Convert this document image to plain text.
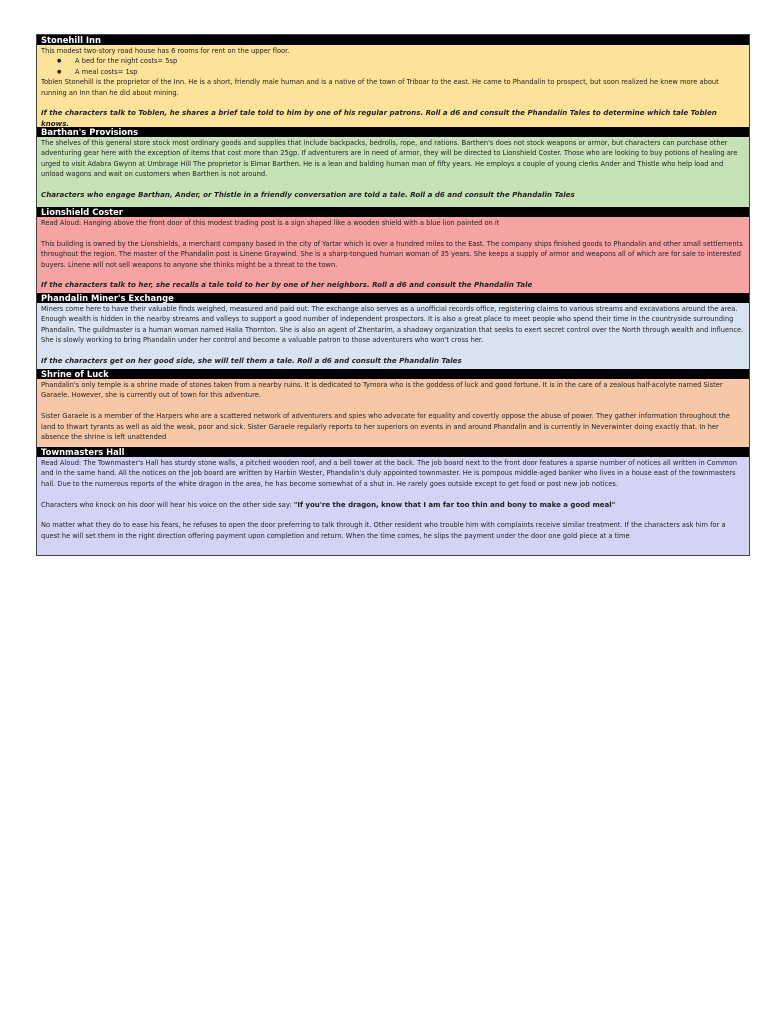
Stonehill Inn

This modest two-story road house has 6 rooms for rent on the upper floor.

● A bed for the night costs= 5sp

● A meal costs= 1sp

Toblen Stonehill is the proprietor of the Inn. He is a short, friendly male human and is a native of the town of Triboar to the east. He came to Phandalin to prospect, but soon realized he knew more about running an Inn than he did about mining.

If the characters talk to Toblen, he shares a brief tale told to him by one of his regular patrons. Roll a d6 and consult the Phandalin Tales to determine which tale Toblen knows.

Barthan's Provisions

The shelves of this general store stock most ordinary goods and supplies that include backpacks, bedrolls, rope, and rations. Barthen's does not stock weapons or armor, but characters can purchase other adventuring gear here with the exception of items that cost more than 25gp. If adventurers are in need of armor, they will be directed to Lionshield Coster. Those who are looking to buy potions of healing are urged to visit Adabra Gwynn at Umbrage Hill The proprietor is Elmar Barthen. He is a lean and balding human man of fifty years. He employs a couple of young clerks Ander and Thistle who help load and unload wagons and wait on customers when Barthen is not around.

Characters who engage Barthan, Ander, or Thistle in a friendly conversation are told a tale. Roll a d6 and consult the Phandalin Tales

Lionshield Coster

Read Aloud: Hanging above the front door of this modest trading post is a sign shaped like a wooden shield with a blue lion painted on it

This building is owned by the Lionshields, a merchant company based in the city of Yartar which is over a hundred miles to the East. The company ships finished goods to Phandalin and other small settlements throughout the region. The master of the Phandalin post is Linene Graywind. She is a sharp-tongued human woman of 35 years. She keeps a supply of armor and weapons all of which are for sale to interested buyers. Linene will not sell weapons to anyone she thinks might be a threat to the town.

If the characters talk to her, she recalls a tale told to her by one of her neighbors. Roll a d6 and consult the Phandalin Tale

Phandalin Miner's Exchange

Miners come here to have their valuable finds weighed, measured and paid out. The exchange also serves as a unofficial records office, registering claims to various streams and excavations around the area. Enough wealth is hidden in the nearby streams and valleys to support a good number of independent prospectors. It is also a great place to meet people who spend their time in the countryside surrounding Phandalin. The guildmaster is a human woman named Halia Thornton. She is also an agent of Zhentarim, a shadowy organization that seeks to exert secret control over the North through wealth and influence. She is slowly working to bring Phandalin under her control and become a valuable patron to those adventurers who won't cross her.

If the characters get on her good side, she will tell them a tale. Roll a d6 and consult the Phandalin Tales

Shrine of Luck

Phandalin's only temple is a shrine made of stones taken from a nearby ruins. It is dedicated to Tymora who is the goddess of luck and good fortune. It is in the care of a zealous half-acolyte named Sister Garaele. However, she is currently out of town for this adventure.

Sister Garaele is a member of the Harpers who are a scattered network of adventurers and spies who advocate for equality and covertly oppose the abuse of power. They gather information throughout the land to thwart tyrants as well as aid the weak, poor and sick. Sister Garaele regularly reports to her superiors on events in and around Phandalin and is currently in Neverwinter doing exactly that. In her absence the shrine is left unattended

Townmasters Hall

Read Aloud: The Townmaster's Hall has sturdy stone walls, a pitched wooden roof, and a bell tower at the back. The job board next to the front door features a sparse number of notices all written in Common and in the same hand. All the notices on the job board are written by Harbin Wester, Phandalin's duly appointed townmaster. He is pompous middle-aged banker who lives in a house east of the townmasters hall. Due to the numerous reports of the white dragon in the area, he has become somewhat of a shut in. He rarely goes outside except to get food or post new job notices.

Characters who knock on his door will hear his voice on the other side say: "If you're the dragon, know that I am far too thin and bony to make a good meal"

No matter what they do to ease his fears, he refuses to open the door preferring to talk through it. Other resident who trouble him with complaints receive similar treatment. If the characters ask him for a quest he will set them in the right direction offering payment upon completion and return. When the time comes, he slips the payment under the door one gold piece at a time
